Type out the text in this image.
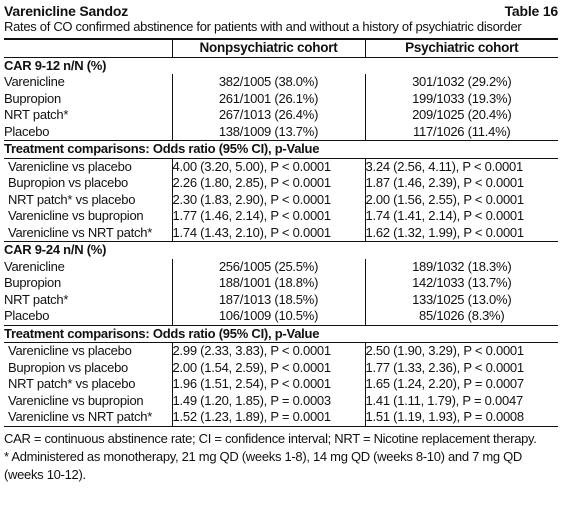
Varenicline Sandoz	Table 16
Rates of CO confirmed abstinence for patients with and without a history of psychiatric disorder
	Nonpsychiatric cohort	Psychiatric cohort
CAR 9-12 n/N (%)		
Varenicline	382/1005 (38.0%)	301/1032 (29.2%)
Bupropion	261/1001 (26.1%)	199/1033 (19.3%)
NRT patch*	267/1013 (26.4%)	209/1025 (20.4%)
Placebo	138/1009 (13.7%)	117/1026 (11.4%)
Treatment comparisons: Odds ratio (95% CI), p-Value		
Varenicline vs placebo	4.00 (3.20, 5.00), P < 0.0001	3.24 (2.56, 4.11), P < 0.0001
Bupropion vs placebo	2.26 (1.80, 2.85), P < 0.0001	1.87 (1.46, 2.39), P < 0.0001
NRT patch* vs placebo	2.30 (1.83, 2.90), P < 0.0001	2.00 (1.56, 2.55), P < 0.0001
Varenicline vs bupropion	1.77 (1.46, 2.14), P < 0.0001	1.74 (1.41, 2.14), P < 0.0001
Varenicline vs NRT patch*	1.74 (1.43, 2.10), P < 0.0001	1.62 (1.32, 1.99), P < 0.0001
CAR 9-24 n/N (%)		
Varenicline	256/1005 (25.5%)	189/1032 (18.3%)
Bupropion	188/1001 (18.8%)	142/1033 (13.7%)
NRT patch*	187/1013 (18.5%)	133/1025 (13.0%)
Placebo	106/1009 (10.5%)	85/1026 (8.3%)
Treatment comparisons: Odds ratio (95% CI), p-Value		
Varenicline vs placebo	2.99 (2.33, 3.83), P < 0.0001	2.50 (1.90, 3.29), P < 0.0001
Bupropion vs placebo	2.00 (1.54, 2.59), P < 0.0001	1.77 (1.33, 2.36), P < 0.0001
NRT patch* vs placebo	1.96 (1.51, 2.54), P < 0.0001	1.65 (1.24, 2.20), P = 0.0007
Varenicline vs bupropion	1.49 (1.20, 1.85), P = 0.0003	1.41 (1.11, 1.79), P = 0.0047
Varenicline vs NRT patch*	1.52 (1.23, 1.89), P = 0.0001	1.51 (1.19, 1.93), P = 0.0008

CAR = continuous abstinence rate; CI = confidence interval; NRT = Nicotine replacement therapy.

* Administered as monotherapy, 21 mg QD (weeks 1-8), 14 mg QD (weeks 8-10) and 7 mg QD (weeks 10-12).
